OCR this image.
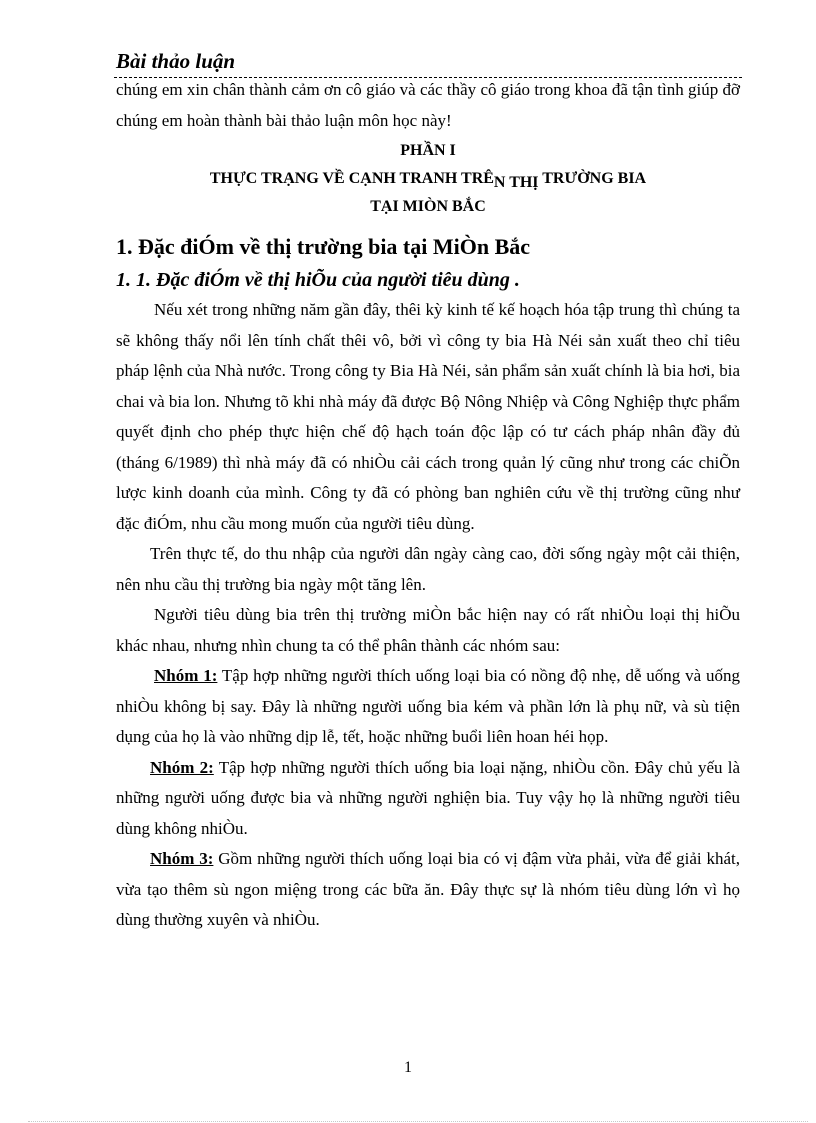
Bài thảo luận

chúng em xin chân thành cảm ơn cô giáo và các thầy cô giáo trong khoa đã tận tình giúp đỡ chúng em hoàn thành bài thảo luận môn học này!

PHẦN I

THỰC TRẠNG VỀ CẠNH TRANH TRÊN THỊ TRƯỜNG BIA

TẠI MIÒN BẮC

1. Đặc điÓm về thị trường bia tại MiÒn Bắc
1. 1. Đặc điÓm về thị hiÕu của người tiêu dùng .

Nếu xét trong những năm gần đây, thêi kỳ kinh tế kế hoạch hóa tập trung thì chúng ta sẽ không thấy nổi lên tính chất thêi vô, bởi vì công ty bia Hà Néi sản xuất theo chỉ tiêu pháp lệnh của Nhà nước. Trong công ty Bia Hà Néi, sản phẩm sản xuất chính là bia hơi, bia chai và bia lon. Nhưng tõ khi nhà máy đã được Bộ Nông Nhiệp và Công Nghiệp thực phẩm quyết định cho phép thực hiện chế độ hạch toán độc lập có tư cách pháp nhân đầy đủ (tháng 6/1989) thì nhà máy đã có nhiÒu cải cách trong quản lý cũng như trong các chiÕn lược kinh doanh của mình. Công ty đã có phòng ban nghiên cứu về thị trường cũng như đặc điÓm, nhu cầu mong muốn của người tiêu dùng.

Trên thực tế, do thu nhập của người dân ngày càng cao, đời sống ngày một cải thiện, nên nhu cầu thị trường bia ngày một tăng lên.

Người tiêu dùng bia trên thị trường miÒn bắc hiện nay có rất nhiÒu loại thị hiÕu khác nhau, nhưng nhìn chung ta có thể phân thành các nhóm sau:

Nhóm 1: Tập hợp những người thích uống loại bia có nồng độ nhẹ, dễ uống và uống nhiÒu không bị say. Đây là những người uống bia kém và phần lớn là phụ nữ, và sù tiện dụng của họ là vào những dịp lễ, tết, hoặc những buổi liên hoan héi họp.

Nhóm 2: Tập hợp những người thích uống bia loại nặng, nhiÒu cồn. Đây chủ yếu là những người uống được bia và những người nghiện bia. Tuy vậy họ là những người tiêu dùng không nhiÒu.

Nhóm 3: Gồm những người thích uống loại bia có vị đậm vừa phải, vừa để giải khát, vừa tạo thêm sù ngon miệng trong các bữa ăn. Đây thực sự là nhóm tiêu dùng lớn vì họ dùng thường xuyên và nhiÒu.

1
